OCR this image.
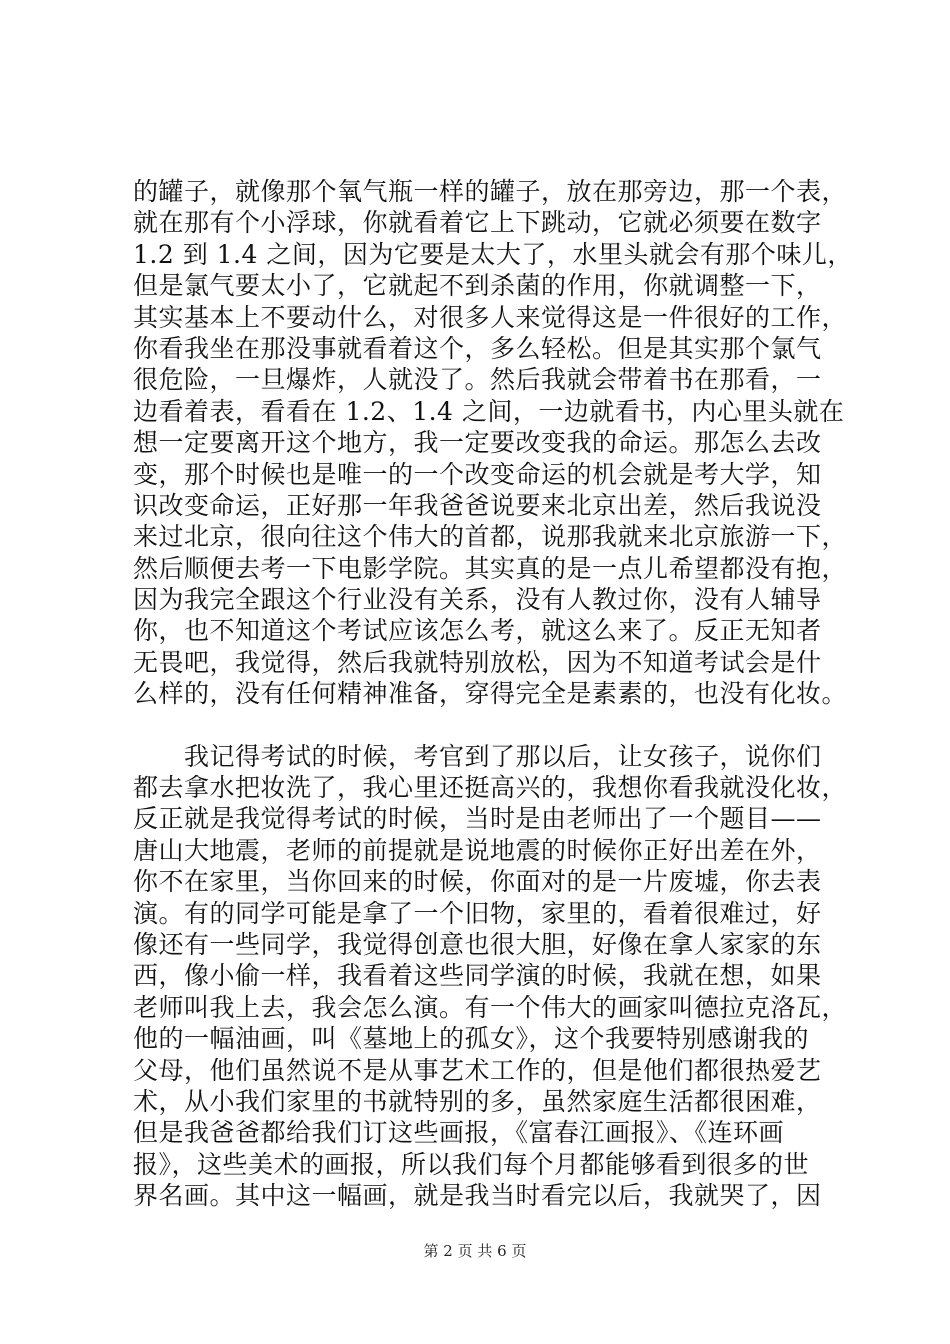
的罐子，就像那个氧气瓶一样的罐子，放在那旁边，那一个表，
就在那有个小浮球，你就看着它上下跳动，它就必须要在数字
1.2 到 1.4 之间，因为它要是太大了，水里头就会有那个味儿，
但是氯气要太小了，它就起不到杀菌的作用，你就调整一下，
其实基本上不要动什么，对很多人来觉得这是一件很好的工作，
你看我坐在那没事就看着这个，多么轻松。但是其实那个氯气
很危险，一旦爆炸，人就没了。然后我就会带着书在那看，一
边看着表，看看在 1.2、1.4 之间，一边就看书，内心里头就在
想一定要离开这个地方，我一定要改变我的命运。那怎么去改
变，那个时候也是唯一的一个改变命运的机会就是考大学，知
识改变命运，正好那一年我爸爸说要来北京出差，然后我说没
来过北京，很向往这个伟大的首都，说那我就来北京旅游一下，
然后顺便去考一下电影学院。其实真的是一点儿希望都没有抱，
因为我完全跟这个行业没有关系，没有人教过你，没有人辅导
你，也不知道这个考试应该怎么考，就这么来了。反正无知者
无畏吧，我觉得，然后我就特别放松，因为不知道考试会是什
么样的，没有任何精神准备，穿得完全是素素的，也没有化妆。
　　我记得考试的时候，考官到了那以后，让女孩子，说你们
都去拿水把妆洗了，我心里还挺高兴的，我想你看我就没化妆，
反正就是我觉得考试的时候，当时是由老师出了一个题目——
唐山大地震，老师的前提就是说地震的时候你正好出差在外，
你不在家里，当你回来的时候，你面对的是一片废墟，你去表
演。有的同学可能是拿了一个旧物，家里的，看着很难过，好
像还有一些同学，我觉得创意也很大胆，好像在拿人家家的东
西，像小偷一样，我看着这些同学演的时候，我就在想，如果
老师叫我上去，我会怎么演。有一个伟大的画家叫德拉克洛瓦，
他的一幅油画，叫《墓地上的孤女》，这个我要特别感谢我的
父母，他们虽然说不是从事艺术工作的，但是他们都很热爱艺
术，从小我们家里的书就特别的多，虽然家庭生活都很困难，
但是我爸爸都给我们订这些画报，《富春江画报》、《连环画
报》，这些美术的画报，所以我们每个月都能够看到很多的世
界名画。其中这一幅画，就是我当时看完以后，我就哭了，因
第 2 页 共 6 页
